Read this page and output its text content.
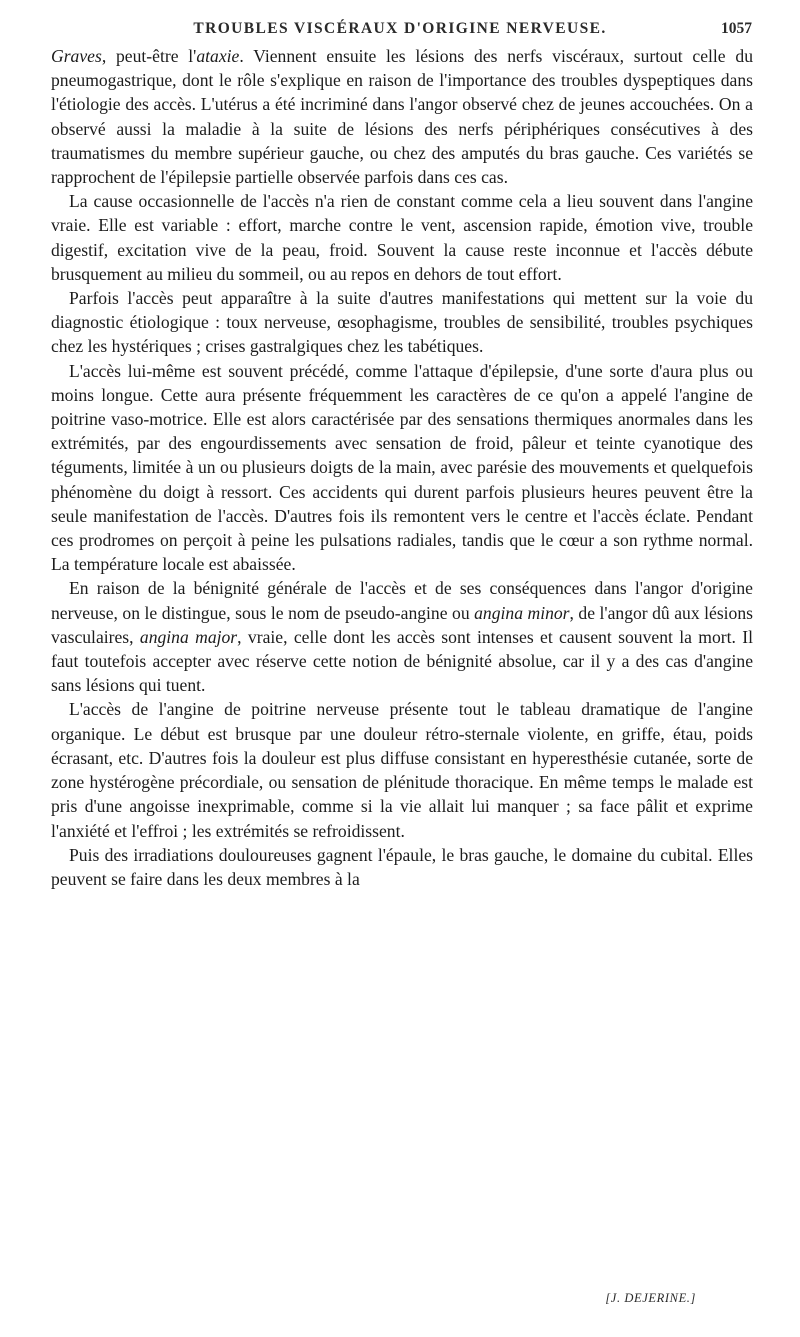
TROUBLES VISCÉRAUX D'ORIGINE NERVEUSE.	1057

Graves, peut-être l'ataxie. Viennent ensuite les lésions des nerfs viscéraux, surtout celle du pneumogastrique, dont le rôle s'explique en raison de l'importance des troubles dyspeptiques dans l'étiologie des accès. L'utérus a été incriminé dans l'angor observé chez de jeunes accouchées. On a observé aussi la maladie à la suite de lésions des nerfs périphériques consécutives à des traumatismes du membre supérieur gauche, ou chez des amputés du bras gauche. Ces variétés se rapprochent de l'épilepsie partielle observée parfois dans ces cas.

La cause occasionnelle de l'accès n'a rien de constant comme cela a lieu souvent dans l'angine vraie. Elle est variable : effort, marche contre le vent, ascension rapide, émotion vive, trouble digestif, excitation vive de la peau, froid. Souvent la cause reste inconnue et l'accès débute brusquement au milieu du sommeil, ou au repos en dehors de tout effort.

Parfois l'accès peut apparaître à la suite d'autres manifestations qui mettent sur la voie du diagnostic étiologique : toux nerveuse, œsophagisme, troubles de sensibilité, troubles psychiques chez les hystériques ; crises gastralgiques chez les tabétiques.

L'accès lui-même est souvent précédé, comme l'attaque d'épilepsie, d'une sorte d'aura plus ou moins longue. Cette aura présente fréquemment les caractères de ce qu'on a appelé l'angine de poitrine vaso-motrice. Elle est alors caractérisée par des sensations thermiques anormales dans les extrémités, par des engourdissements avec sensation de froid, pâleur et teinte cyanotique des téguments, limitée à un ou plusieurs doigts de la main, avec parésie des mouvements et quelquefois phénomène du doigt à ressort. Ces accidents qui durent parfois plusieurs heures peuvent être la seule manifestation de l'accès. D'autres fois ils remontent vers le centre et l'accès éclate. Pendant ces prodromes on perçoit à peine les pulsations radiales, tandis que le cœur a son rythme normal. La température locale est abaissée.

En raison de la bénignité générale de l'accès et de ses conséquences dans l'angor d'origine nerveuse, on le distingue, sous le nom de pseudo-angine ou angina minor, de l'angor dû aux lésions vasculaires, angina major, vraie, celle dont les accès sont intenses et causent souvent la mort. Il faut toutefois accepter avec réserve cette notion de bénignité absolue, car il y a des cas d'angine sans lésions qui tuent.

L'accès de l'angine de poitrine nerveuse présente tout le tableau dramatique de l'angine organique. Le début est brusque par une douleur rétro-sternale violente, en griffe, étau, poids écrasant, etc. D'autres fois la douleur est plus diffuse consistant en hyperesthésie cutanée, sorte de zone hystérogène précordiale, ou sensation de plénitude thoracique. En même temps le malade est pris d'une angoisse inexprimable, comme si la vie allait lui manquer ; sa face pâlit et exprime l'anxiété et l'effroi ; les extrémités se refroidissent.

Puis des irradiations douloureuses gagnent l'épaule, le bras gauche, le domaine du cubital. Elles peuvent se faire dans les deux membres à la

[J. DEJERINE.]
